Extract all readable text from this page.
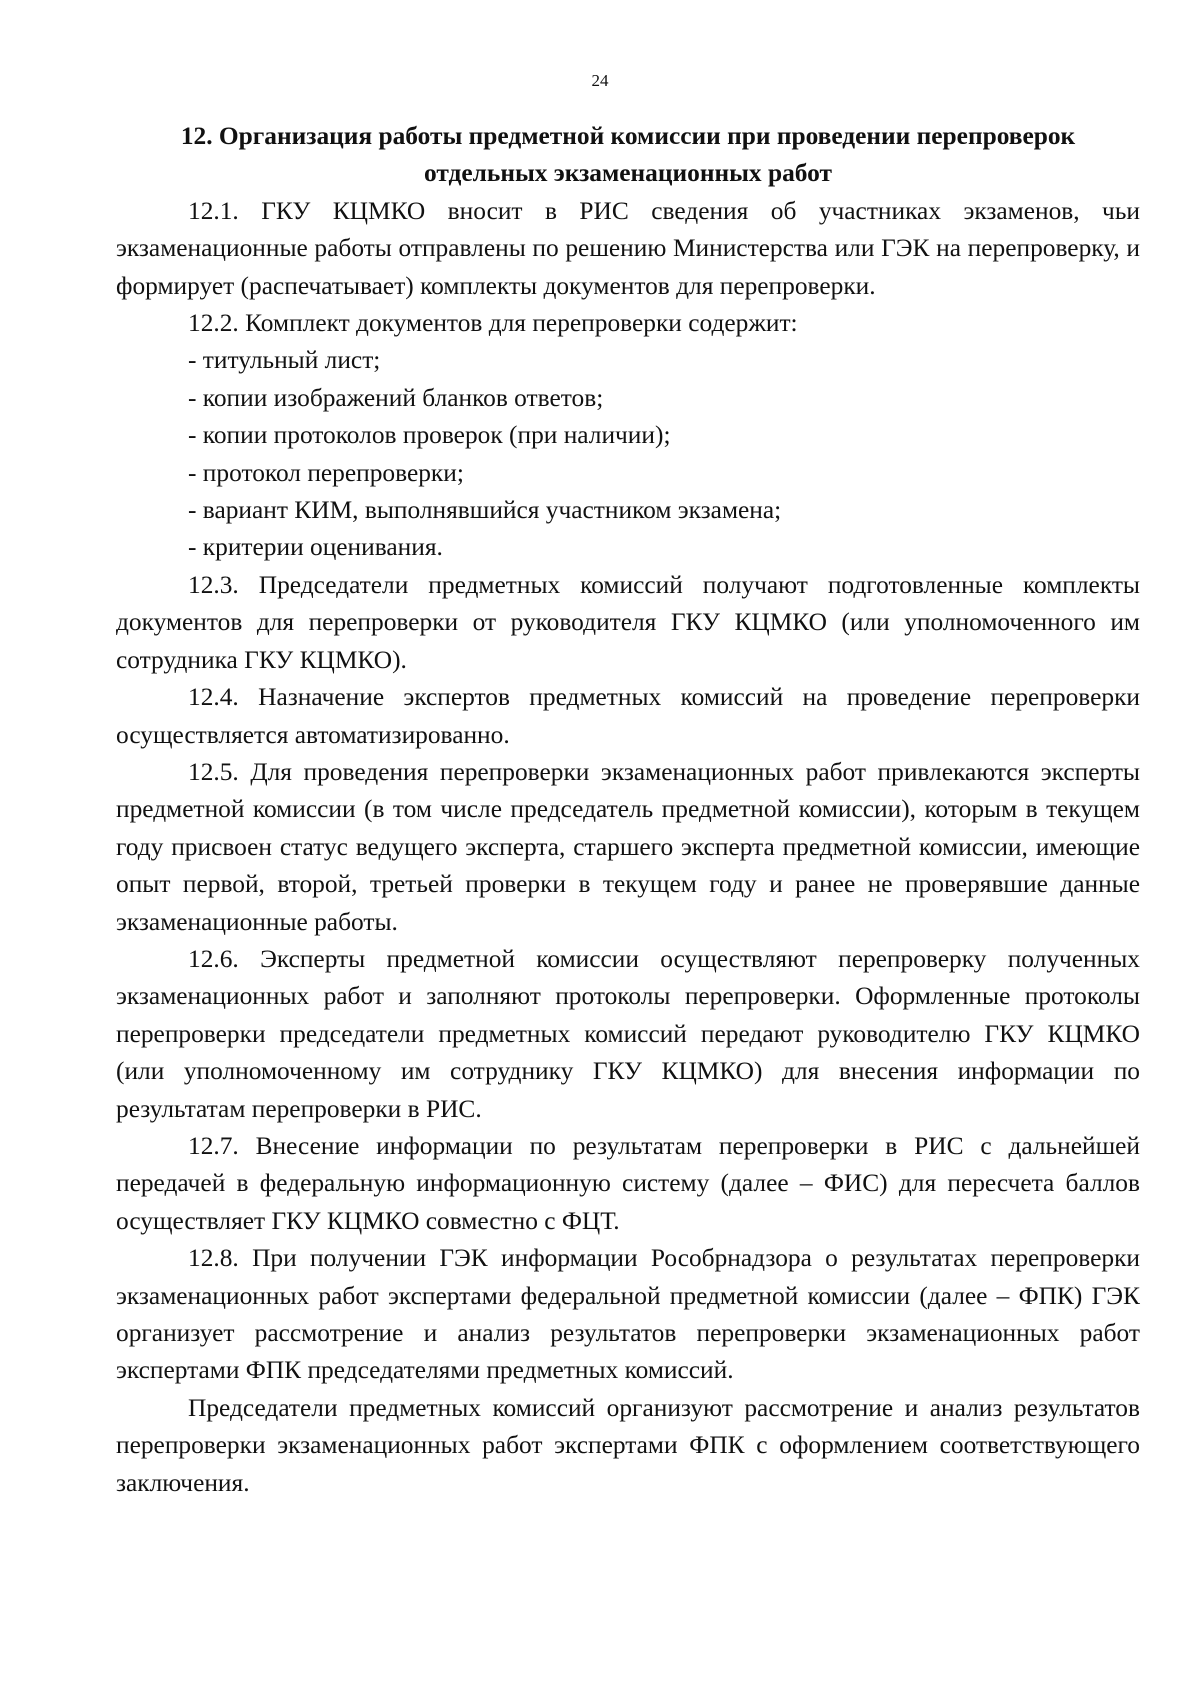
24
12. Организация работы предметной комиссии при проведении перепроверок
отдельных экзаменационных работ

12.1. ГКУ КЦМКО вносит в РИС сведения об участниках экзаменов, чьи экзаменационные работы отправлены по решению Министерства или ГЭК на перепроверку, и формирует (распечатывает) комплекты документов для перепроверки.

12.2. Комплект документов для перепроверки содержит:

- титульный лист;

- копии изображений бланков ответов;

- копии протоколов проверок (при наличии);

- протокол перепроверки;

- вариант КИМ, выполнявшийся участником экзамена;

- критерии оценивания.

12.3. Председатели предметных комиссий получают подготовленные комплекты документов для перепроверки от руководителя ГКУ КЦМКО (или уполномоченного им сотрудника ГКУ КЦМКО).

12.4. Назначение экспертов предметных комиссий на проведение перепроверки осуществляется автоматизированно.

12.5. Для проведения перепроверки экзаменационных работ привлекаются эксперты предметной комиссии (в том числе председатель предметной комиссии), которым в текущем году присвоен статус ведущего эксперта, старшего эксперта предметной комиссии, имеющие опыт первой, второй, третьей проверки в текущем году и ранее не проверявшие данные экзаменационные работы.

12.6. Эксперты предметной комиссии осуществляют перепроверку полученных экзаменационных работ и заполняют протоколы перепроверки. Оформленные протоколы перепроверки председатели предметных комиссий передают руководителю ГКУ КЦМКО (или уполномоченному им сотруднику ГКУ КЦМКО) для внесения информации по результатам перепроверки в РИС.

12.7. Внесение информации по результатам перепроверки в РИС с дальнейшей передачей в федеральную информационную систему (далее – ФИС) для пересчета баллов осуществляет ГКУ КЦМКО совместно с ФЦТ.

12.8. При получении ГЭК информации Рособрнадзора о результатах перепроверки экзаменационных работ экспертами федеральной предметной комиссии (далее – ФПК) ГЭК организует рассмотрение и анализ результатов перепроверки экзаменационных работ экспертами ФПК председателями предметных комиссий.

Председатели предметных комиссий организуют рассмотрение и анализ результатов перепроверки экзаменационных работ экспертами ФПК с оформлением соответствующего заключения.
